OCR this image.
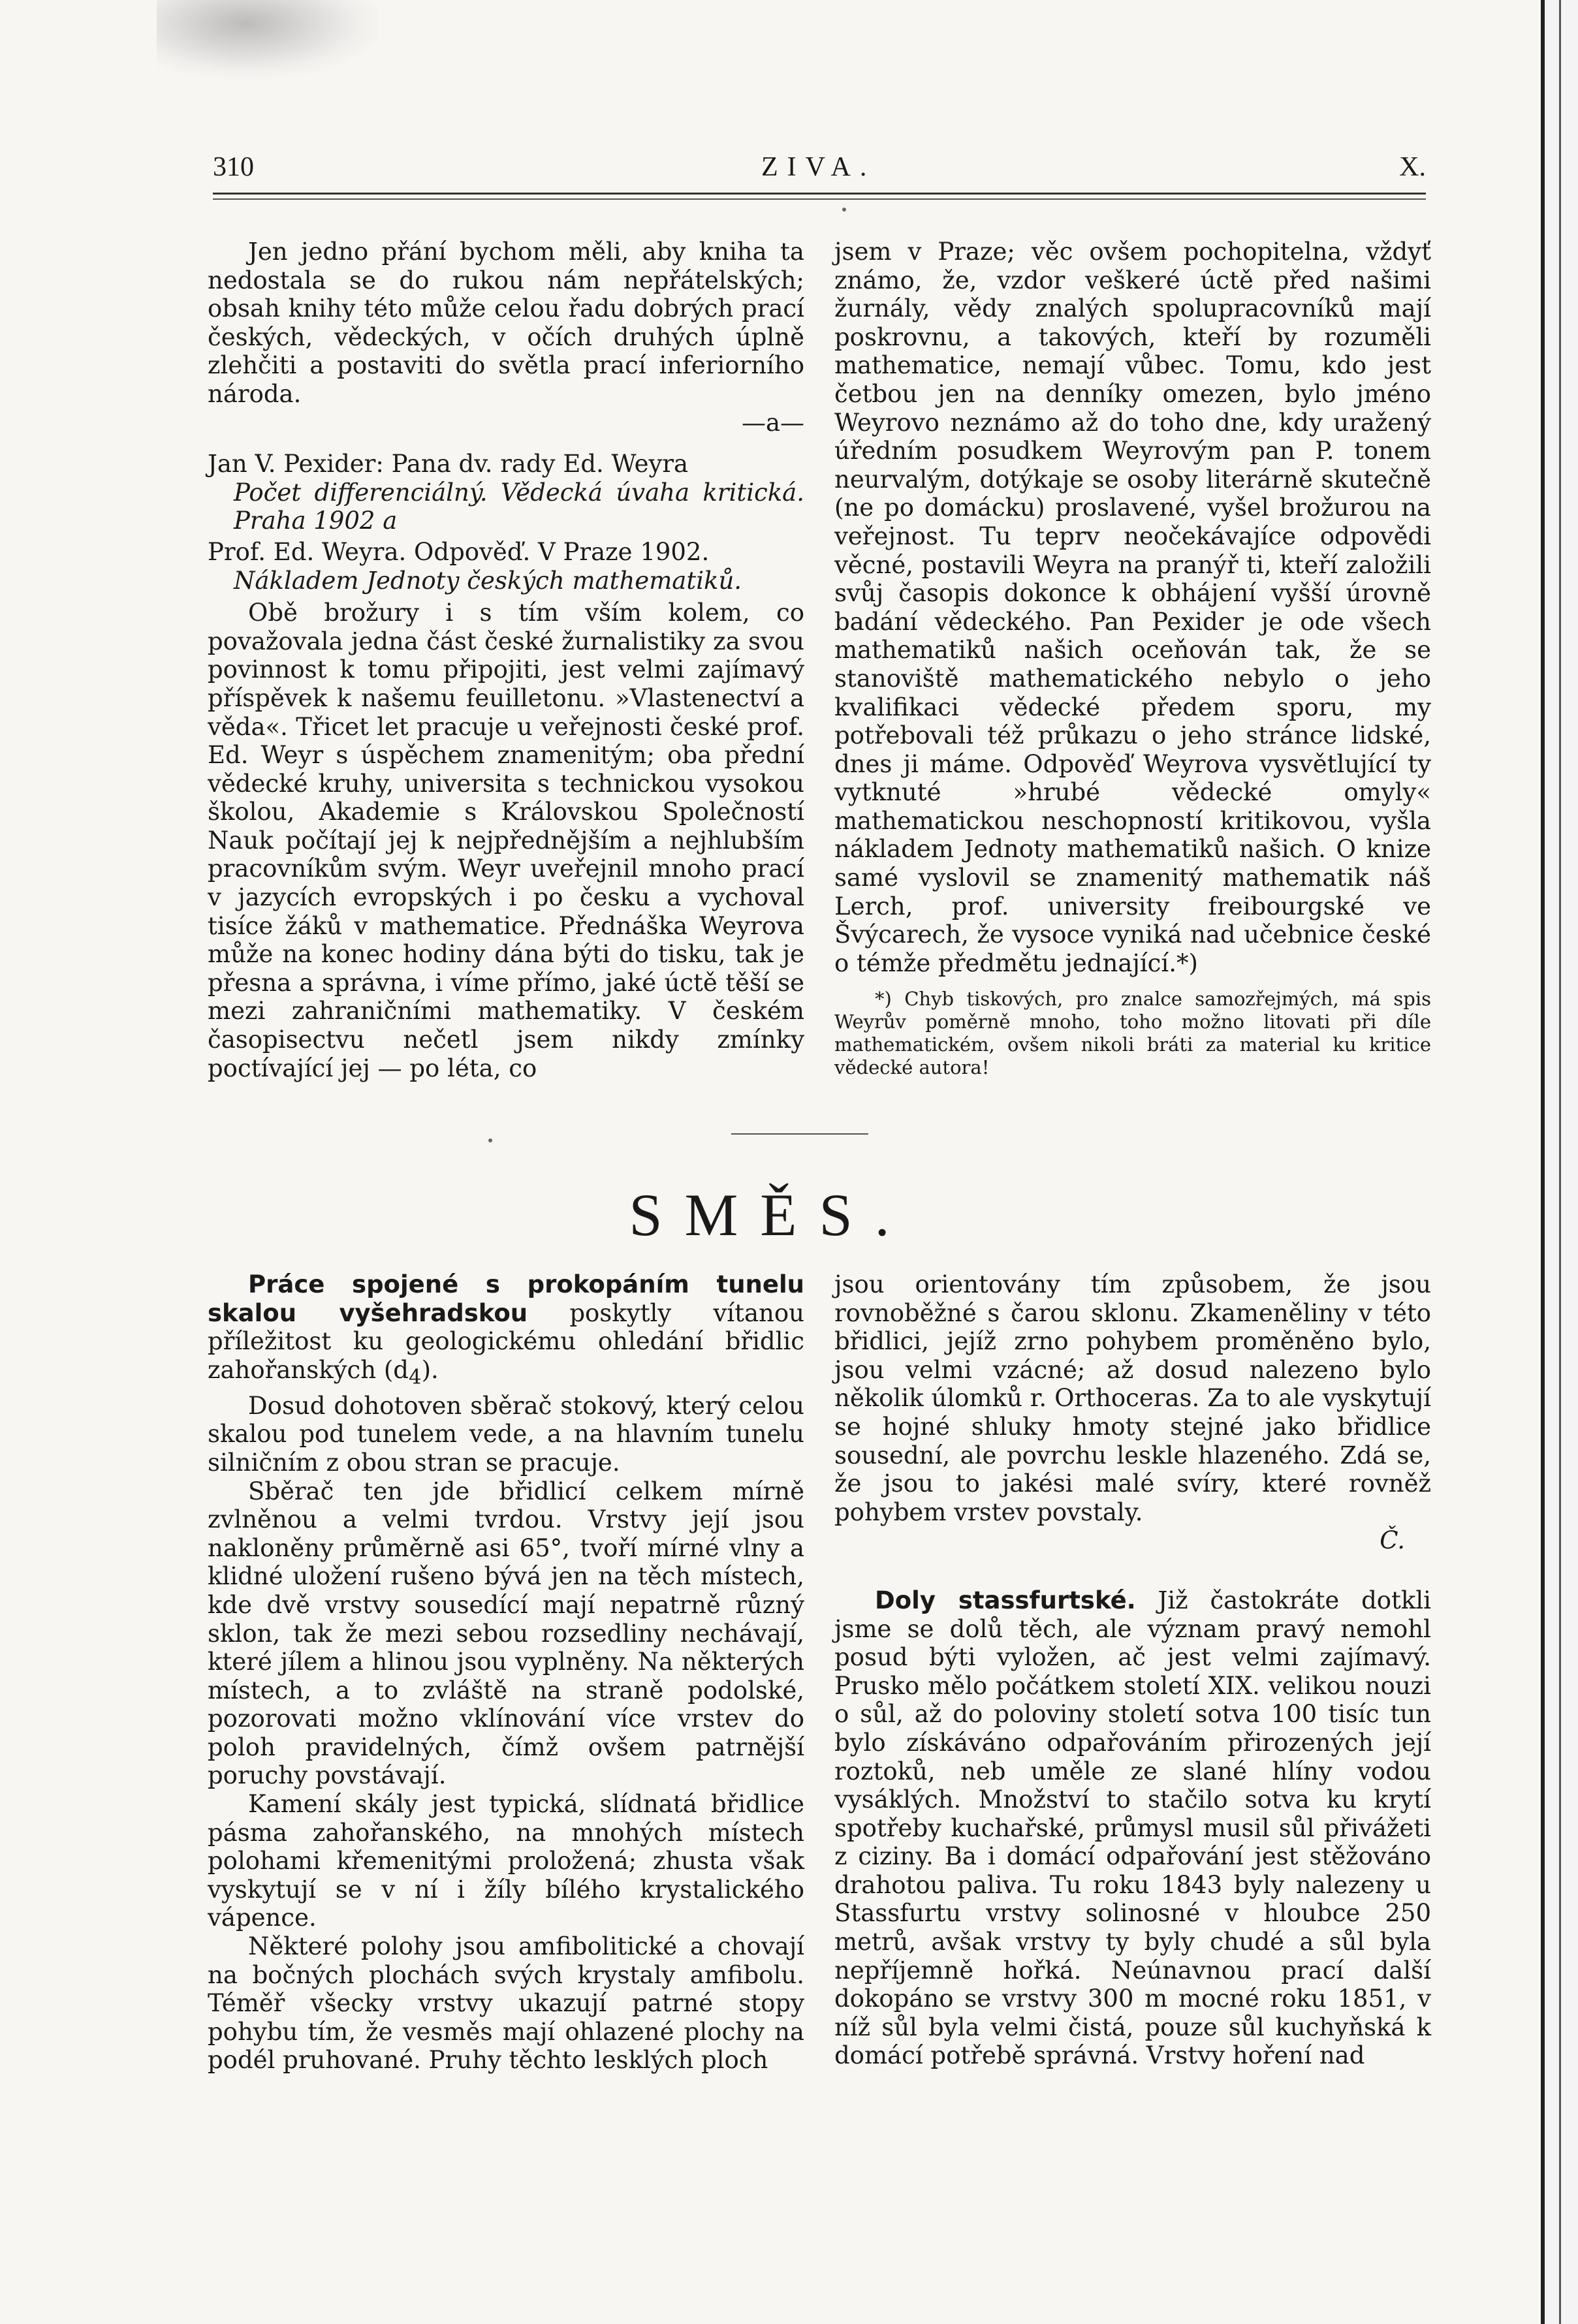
310	ZIVA.	X.

Jen jedno přání bychom měli, aby kniha ta nedostala se do rukou nám nepřátelských; obsah knihy této může celou řadu dobrých prací českých, vědeckých, v očích druhých úplně zlehčiti a postaviti do světla prací inferiorního národa.

—a—

Jan V. Pexider: Pana dv. rady Ed. Weyra

Počet differenciálný. Vědecká úvaha kritická. Praha 1902 a

Prof. Ed. Weyra. Odpověď. V Praze 1902.

Nákladem Jednoty českých mathematiků.

Obě brožury i s tím vším kolem, co považovala jedna část české žurnalistiky za svou povinnost k tomu připojiti, jest velmi zajímavý příspěvek k našemu feuilletonu. »Vlastenectví a věda«. Třicet let pracuje u veřejnosti české prof. Ed. Weyr s úspěchem znamenitým; oba přední vědecké kruhy, universita s technickou vysokou školou, Akademie s Královskou Společností Nauk počítají jej k nejpřednějším a nejhlubším pracovníkům svým. Weyr uveřejnil mnoho prací v jazycích evropských i po česku a vychoval tisíce žáků v mathematice. Přednáška Weyrova může na konec hodiny dána býti do tisku, tak je přesna a správna, i víme přímo, jaké úctě těší se mezi zahraničními mathematiky. V českém časopisectvu nečetl jsem nikdy zmínky poctívající jej — po léta, co

jsem v Praze; věc ovšem pochopitelna, vždyť známo, že, vzdor veškeré úctě před našimi žurnály, vědy znalých spolupracovníků mají poskrovnu, a takových, kteří by rozuměli mathematice, nemají vůbec. Tomu, kdo jest četbou jen na denníky omezen, bylo jméno Weyrovo neznámo až do toho dne, kdy uražený úředním posudkem Weyrovým pan P. tonem neurvalým, dotýkaje se osoby literárně skutečně (ne po domácku) proslavené, vyšel brožurou na veřejnost. Tu teprv neočekávajíce odpovědi věcné, postavili Weyra na pranýř ti, kteří založili svůj časopis dokonce k obhájení vyšší úrovně badání vědeckého. Pan Pexider je ode všech mathematiků našich oceňován tak, že se stanoviště mathematického nebylo o jeho kvalifikaci vědecké předem sporu, my potřebovali též průkazu o jeho stránce lidské, dnes ji máme. Odpověď Weyrova vysvětlující ty vytknuté »hrubé vědecké omyly« mathematickou neschopností kritikovou, vyšla nákladem Jednoty mathematiků našich. O knize samé vyslovil se znamenitý mathematik náš Lerch, prof. university freibourgské ve Švýcarech, že vysoce vyniká nad učebnice české o témže předmětu jednající.*)

*) Chyb tiskových, pro znalce samozřejmých, má spis Weyrův poměrně mnoho, toho možno litovati při díle mathematickém, ovšem nikoli bráti za material ku kritice vědecké autora!

SMĚS.

Práce spojené s prokopáním tunelu skalou vyšehradskou poskytly vítanou příležitost ku geologickému ohledání břidlic zahořanských $(d_4)$.

Dosud dohotoven sběrač stokový, který celou skalou pod tunelem vede, a na hlavním tunelu silničním z obou stran se pracuje.

Sběrač ten jde břidlicí celkem mírně zvlněnou a velmi tvrdou. Vrstvy její jsou nakloněny průměrně asi 65°, tvoří mírné vlny a klidné uložení rušeno bývá jen na těch místech, kde dvě vrstvy sousedící mají nepatrně různý sklon, tak že mezi sebou rozsedliny nechávají, které jílem a hlinou jsou vyplněny. Na některých místech, a to zvláště na straně podolské, pozorovati možno vklínování více vrstev do poloh pravidelných, čímž ovšem patrnější poruchy povstávají.

Kamení skály jest typická, slídnatá břidlice pásma zahořanského, na mnohých místech polohami křemenitými proložená; zhusta však vyskytují se v ní i žíly bílého krystalického vápence.

Některé polohy jsou amfibolitické a chovají na bočných plochách svých krystaly amfibolu. Téměř všecky vrstvy ukazují patrné stopy pohybu tím, že vesměs mají ohlazené plochy na podél pruhované. Pruhy těchto lesklých ploch

jsou orientovány tím způsobem, že jsou rovnoběžné s čarou sklonu. Zkameněliny v této břidlici, jejíž zrno pohybem proměněno bylo, jsou velmi vzácné; až dosud nalezeno bylo několik úlomků r. Orthoceras. Za to ale vyskytují se hojné shluky hmoty stejné jako břidlice sousední, ale povrchu leskle hlazeného. Zdá se, že jsou to jakési malé svíry, které rovněž pohybem vrstev povstaly.

Č.

Doly stassfurtské. Již častokráte dotkli jsme se dolů těch, ale význam pravý nemohl posud býti vyložen, ač jest velmi zajímavý. Prusko mělo počátkem století XIX. velikou nouzi o sůl, až do poloviny století sotva 100 tisíc tun bylo získáváno odpařováním přirozených její roztoků, neb uměle ze slané hlíny vodou vysáklých. Množství to stačilo sotva ku krytí spotřeby kuchařské, průmysl musil sůl přivážeti z ciziny. Ba i domácí odpařování jest stěžováno drahotou paliva. Tu roku 1843 byly nalezeny u Stassfurtu vrstvy solinosné v hloubce 250 metrů, avšak vrstvy ty byly chudé a sůl byla nepříjemně hořká. Neúnavnou prací další dokopáno se vrstvy 300 m mocné roku 1851, v níž sůl byla velmi čistá, pouze sůl kuchyňská k domácí potřebě správná. Vrstvy hoření nad
